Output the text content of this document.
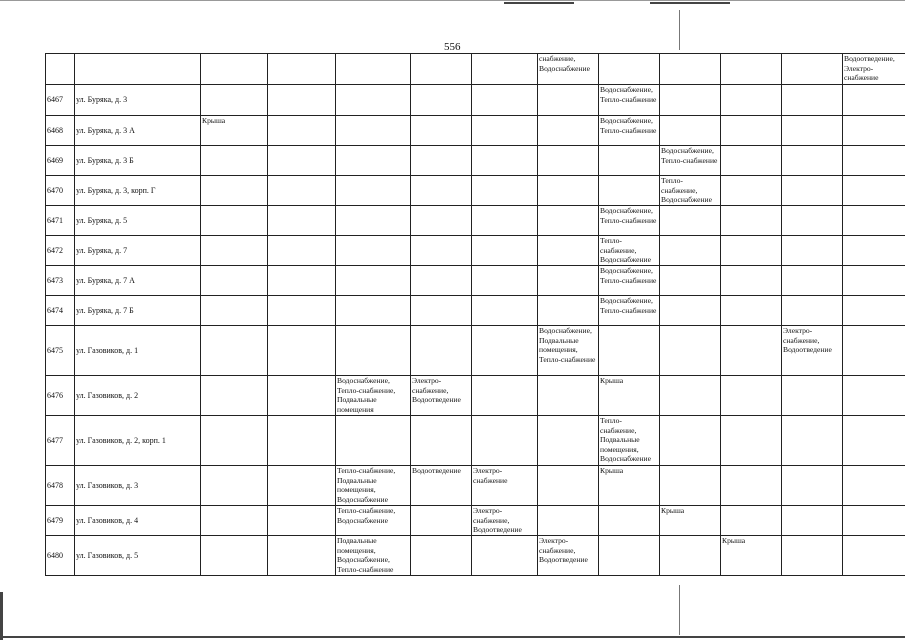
556
							снабжение, Водоснабжение					Водоотведение, Электро-снабжение
6467	ул. Буряка, д. 3							Водоснабжение, Тепло-снабжение				
6468	ул. Буряка, д. 3 А	Крыша						Водоснабжение, Тепло-снабжение				
6469	ул. Буряка, д. 3 Б								Водоснабжение, Тепло-снабжение			
6470	ул. Буряка, д. 3, корп. Г								Тепло-снабжение, Водоснабжение			
6471	ул. Буряка, д. 5							Водоснабжение, Тепло-снабжение				
6472	ул. Буряка, д. 7							Тепло-снабжение, Водоснабжение				
6473	ул. Буряка, д. 7 А							Водоснабжение, Тепло-снабжение				
6474	ул. Буряка, д. 7 Б							Водоснабжение, Тепло-снабжение				
6475	ул. Газовиков, д. 1						Водоснабжение, Подвальные помещения, Тепло-снабжение				Электро-снабжение, Водоотведение	
6476	ул. Газовиков, д. 2			Водоснабжение, Тепло-снабжение, Подвальные помещения	Электро-снабжение, Водоотведение			Крыша				
6477	ул. Газовиков, д. 2, корп. 1							Тепло-снабжение, Подвальные помещения, Водоснабжение				
6478	ул. Газовиков, д. 3			Тепло-снабжение, Подвальные помещения, Водоснабжение	Водоотведение	Электро-снабжение		Крыша				
6479	ул. Газовиков, д. 4			Тепло-снабжение, Водоснабжение		Электро-снабжение, Водоотведение			Крыша			
6480	ул. Газовиков, д. 5			Подвальные помещения, Водоснабжение, Тепло-снабжение			Электро-снабжение, Водоотведение			Крыша		
